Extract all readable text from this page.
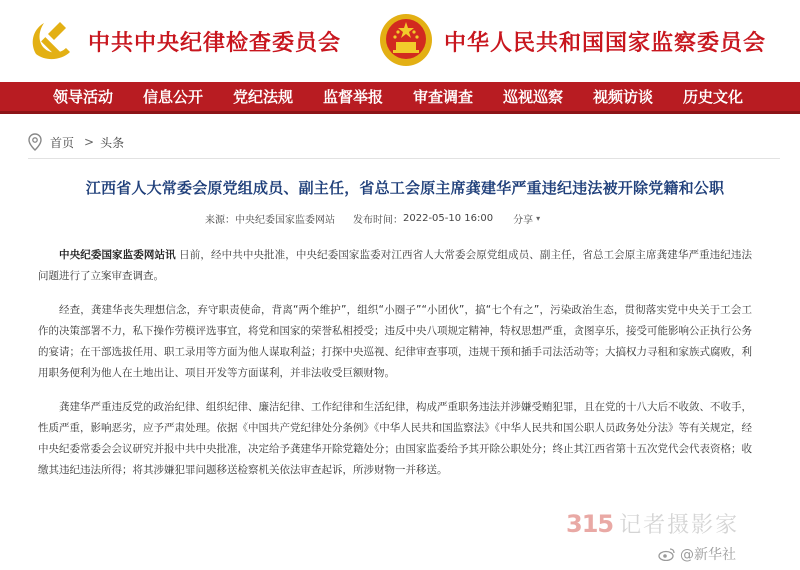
中共中央纪律检查委员会	中华人民共和国国家监察委员会
领导活动	信息公开	党纪法规	监督举报	审查调查	巡视巡察	视频访谈	历史文化
首页 > 头条
江西省人大常委会原党组成员、副主任，省总工会原主席龚建华严重违纪违法被开除党籍和公职
来源： 中央纪委国家监委网站 发布时间： 2022-05-10 16:00 分享 ▾

中央纪委国家监委网站讯 日前，经中共中央批准，中央纪委国家监委对江西省人大常委会原党组成员、副主任，省总工会原主席龚建华严重违纪违法问题进行了立案审查调查。

经查，龚建华丧失理想信念，弃守职责使命，背离“两个维护”，组织“小圈子”“小团伙”，搞“七个有之”，污染政治生态，贯彻落实党中央关于工会工作的决策部署不力，私下操作劳模评选事宜，将党和国家的荣誉私相授受；违反中央八项规定精神，特权思想严重，贪图享乐，接受可能影响公正执行公务的宴请；在干部选拔任用、职工录用等方面为他人谋取利益；打探中央巡视、纪律审查事项，违规干预和插手司法活动等；大搞权力寻租和家族式腐败，利用职务便利为他人在土地出让、项目开发等方面谋利，并非法收受巨额财物。

龚建华严重违反党的政治纪律、组织纪律、廉洁纪律、工作纪律和生活纪律，构成严重职务违法并涉嫌受贿犯罪，且在党的十八大后不收敛、不收手，性质严重，影响恶劣，应予严肃处理。依据《中国共产党纪律处分条例》《中华人民共和国监察法》《中华人民共和国公职人员政务处分法》等有关规定，经中央纪委常委会会议研究并报中共中央批准，决定给予龚建华开除党籍处分；由国家监委给予其开除公职处分；终止其江西省第十五次党代会代表资格；收缴其违纪违法所得；将其涉嫌犯罪问题移送检察机关依法审查起诉，所涉财物一并移送。

315 记者摄影家
@新华社
